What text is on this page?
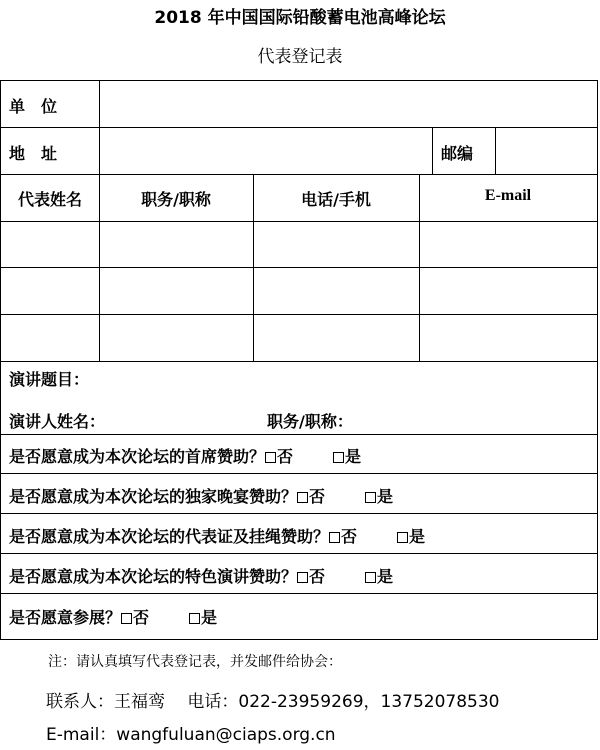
2018 年中国国际铅酸蓄电池高峰论坛
代表登记表
单　位
地　址	邮编
代表姓名	职务/职称	电话/手机	E-mail
演讲题目：
演讲人姓名：	职务/职称：
是否愿意成为本次论坛的首席赞助？ 否	是
是否愿意成为本次论坛的独家晚宴赞助？ 否	是
是否愿意成为本次论坛的代表证及挂绳赞助？ 否	是
是否愿意成为本次论坛的特色演讲赞助？ 否	是
是否愿意参展？ 否	是
注：请认真填写代表登记表，并发邮件给协会：
联系人：王福鸾　 电话：022-23959269，13752078530
E-mail：wangfuluan@ciaps.org.cn
